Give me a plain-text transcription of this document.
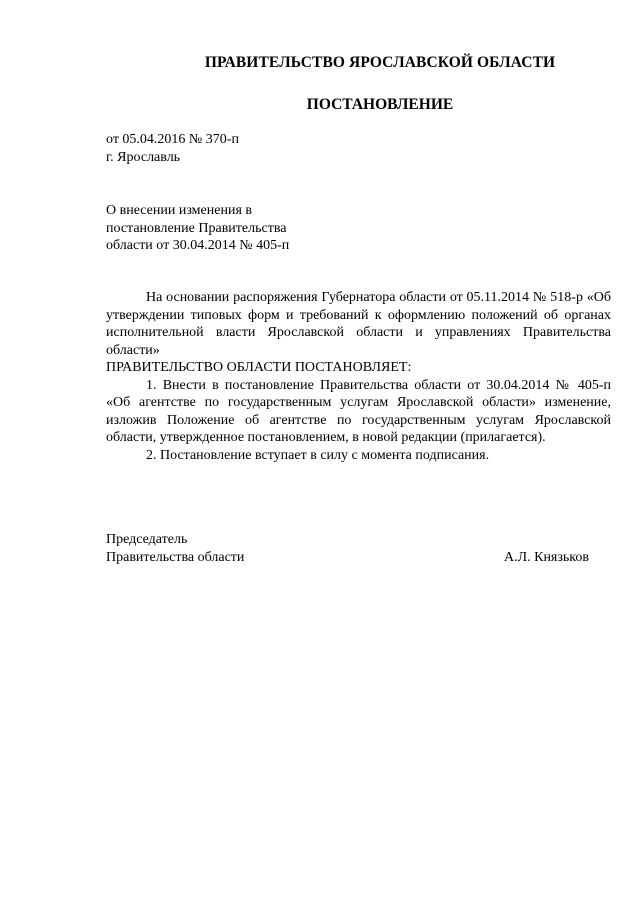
ПРАВИТЕЛЬСТВО ЯРОСЛАВСКОЙ ОБЛАСТИ
ПОСТАНОВЛЕНИЕ
от 05.04.2016 № 370-п
г. Ярославль
О внесении изменения в
постановление Правительства
области от 30.04.2014 № 405-п

На основании распоряжения Губернатора области от 05.11.2014 № 518-р «Об утверждении типовых форм и требований к оформлению положений об органах исполнительной власти Ярославской области и управлениях Правительства области»

ПРАВИТЕЛЬСТВО ОБЛАСТИ ПОСТАНОВЛЯЕТ:

1. Внести в постановление Правительства области от 30.04.2014 № 405-п «Об агентстве по государственным услугам Ярославской области» изменение, изложив Положение об агентстве по государственным услугам Ярославской области, утвержденное постановлением, в новой редакции (прилагается).

2. Постановление вступает в силу с момента подписания.

Председатель
Правительства области	А.Л. Князьков
